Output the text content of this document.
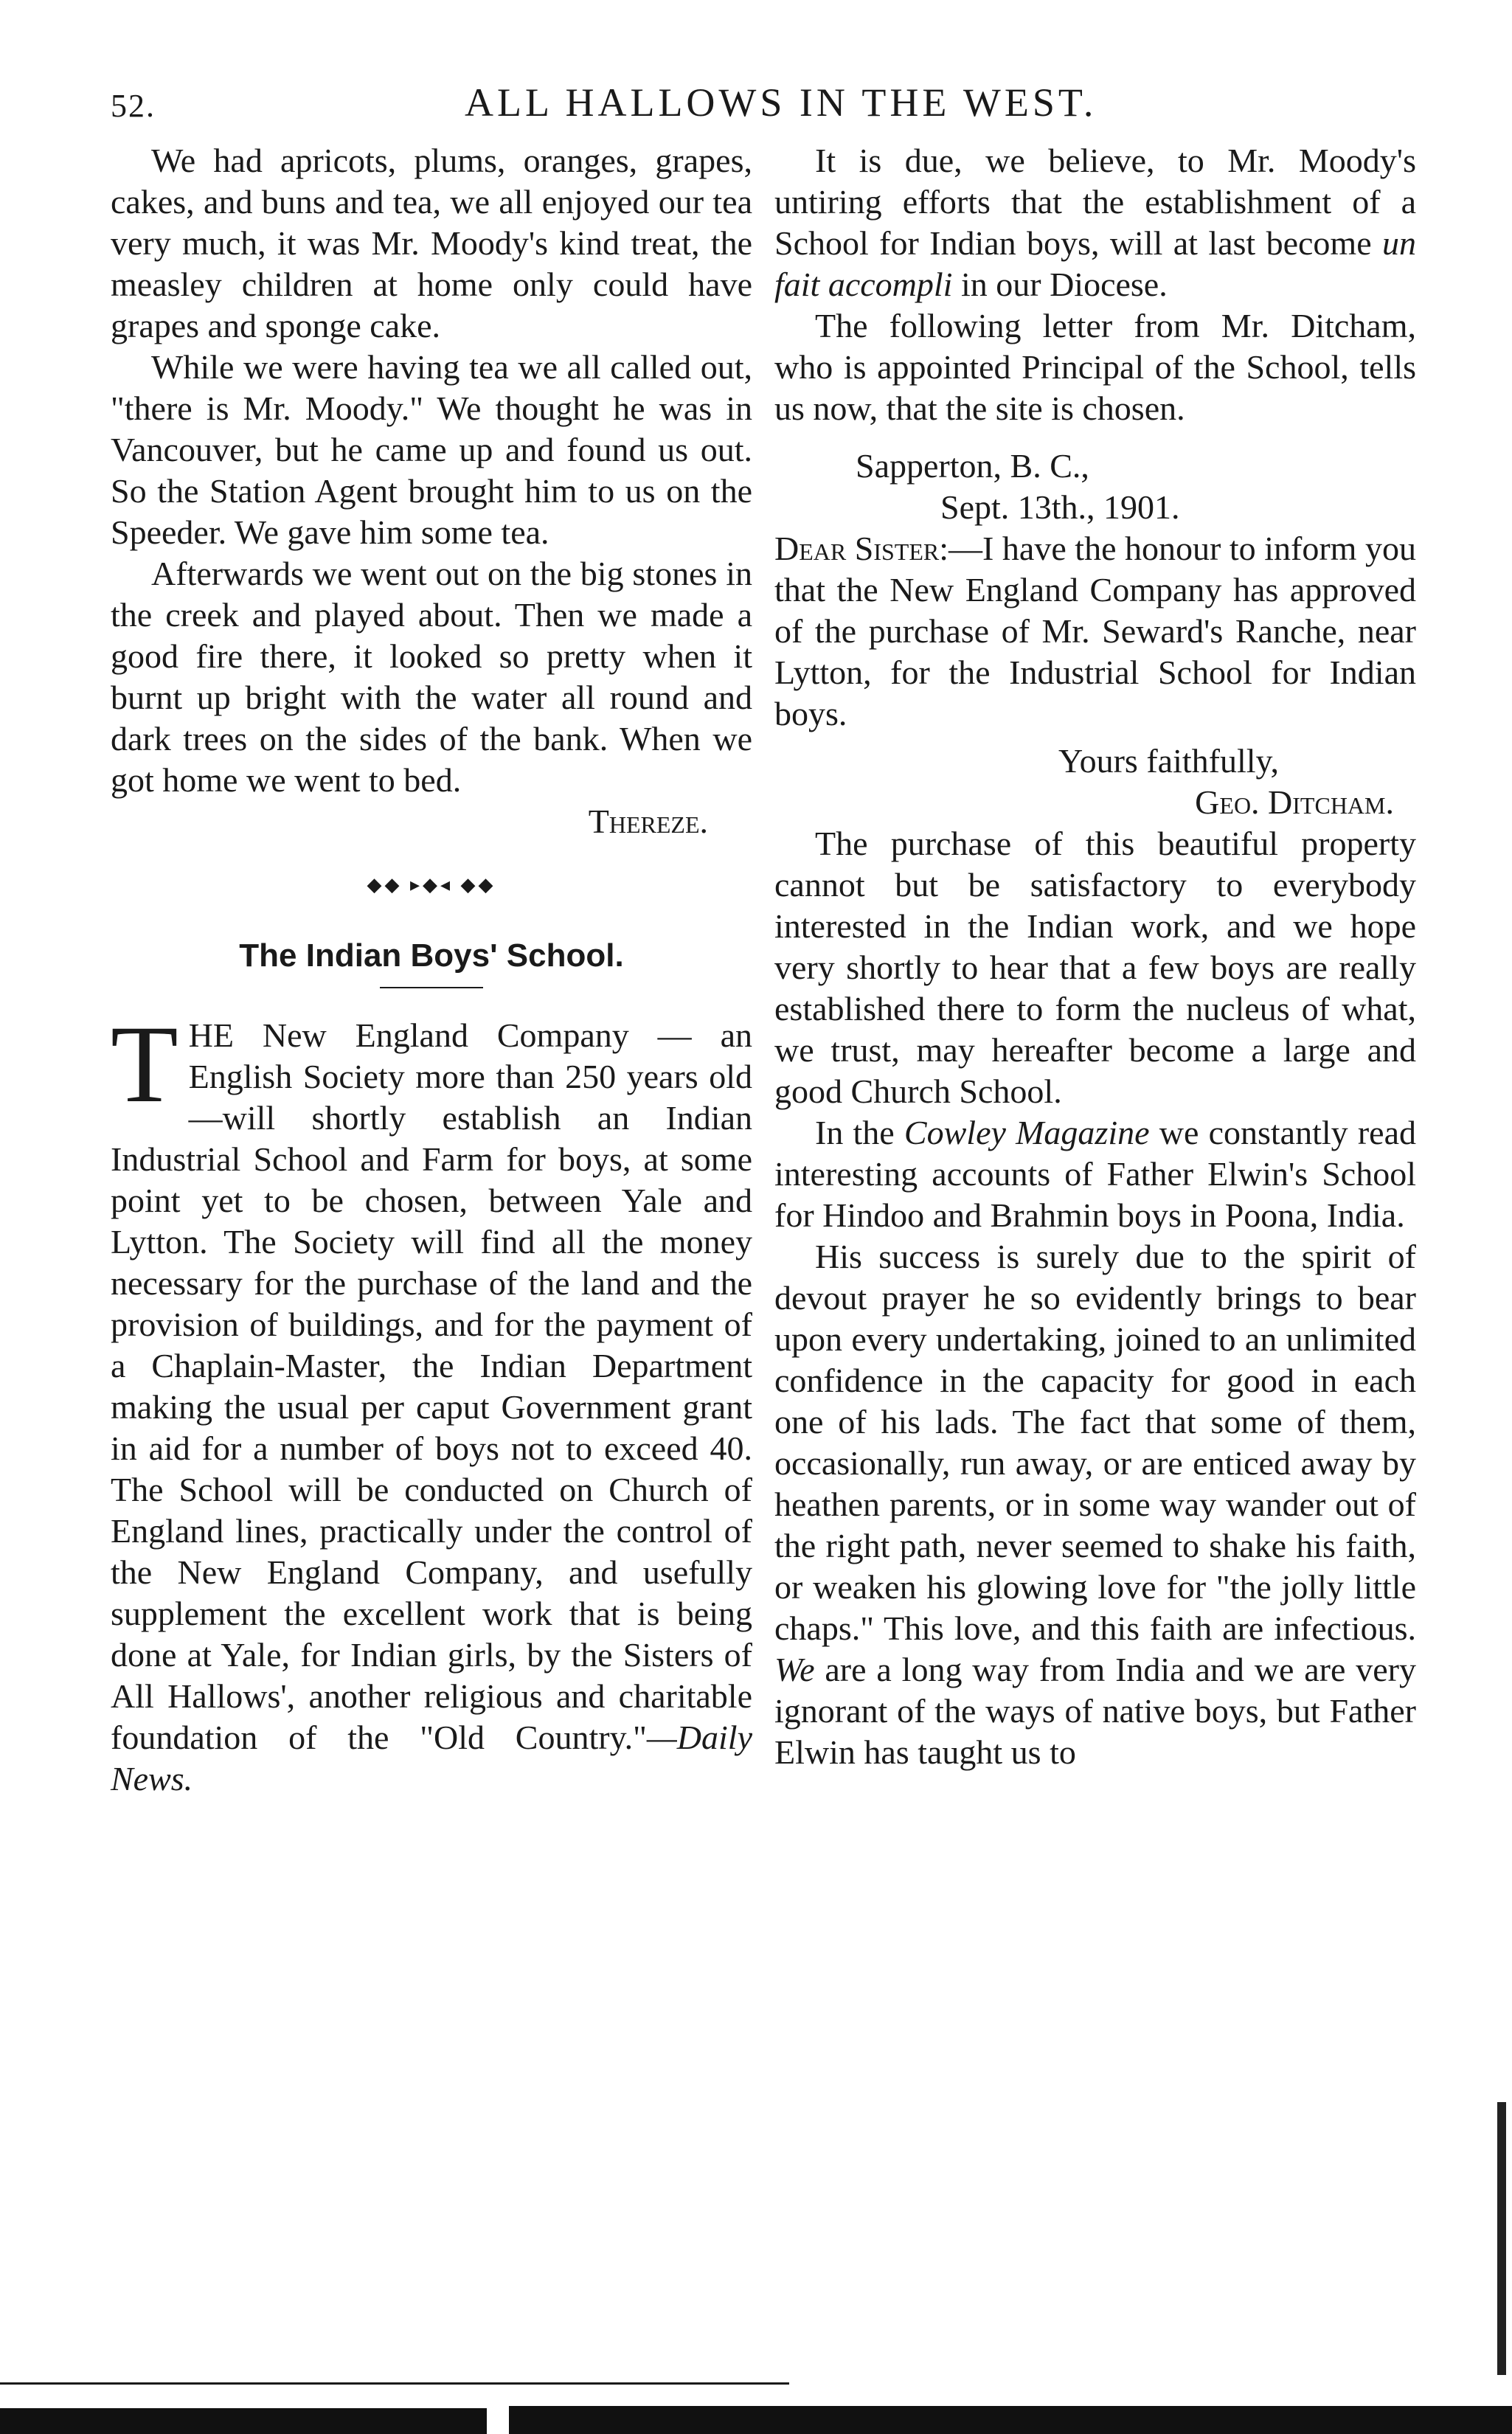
52.	ALL HALLOWS IN THE WEST.

We had apricots, plums, oranges, grapes, cakes, and buns and tea, we all enjoyed our tea very much, it was Mr. Moody's kind treat, the measley children at home only could have grapes and sponge cake.

While we were having tea we all called out, "there is Mr. Moody." We thought he was in Vancouver, but he came up and found us out. So the Station Agent brought him to us on the Speeder. We gave him some tea.

Afterwards we went out on the big stones in the creek and played about. Then we made a good fire there, it looked so pretty when it burnt up bright with the water all round and dark trees on the sides of the bank. When we got home we went to bed.

Thereze.

◆◆ ▸◆◂ ◆◆
The Indian Boys' School.

THE New England Company — an English Society more than 250 years old—will shortly establish an Indian Industrial School and Farm for boys, at some point yet to be chosen, between Yale and Lytton. The Society will find all the money necessary for the purchase of the land and the provision of buildings, and for the payment of a Chaplain-Master, the Indian Department making the usual per caput Government grant in aid for a number of boys not to exceed 40. The School will be conducted on Church of England lines, practically under the control of the New England Company, and usefully supplement the excellent work that is being done at Yale, for Indian girls, by the Sisters of All Hallows', another religious and charitable foundation of the "Old Country."—Daily News.

It is due, we believe, to Mr. Moody's untiring efforts that the establishment of a School for Indian boys, will at last become un fait accompli in our Diocese.

The following letter from Mr. Ditcham, who is appointed Principal of the School, tells us now, that the site is chosen.

Sapperton, B. C.,

Sept. 13th., 1901.

Dear Sister:—I have the honour to inform you that the New England Company has approved of the purchase of Mr. Seward's Ranche, near Lytton, for the Industrial School for Indian boys.

Yours faithfully,

Geo. Ditcham.

The purchase of this beautiful property cannot but be satisfactory to everybody interested in the Indian work, and we hope very shortly to hear that a few boys are really established there to form the nucleus of what, we trust, may hereafter become a large and good Church School.

In the Cowley Magazine we constantly read interesting accounts of Father Elwin's School for Hindoo and Brahmin boys in Poona, India.

His success is surely due to the spirit of devout prayer he so evidently brings to bear upon every undertaking, joined to an unlimited confidence in the capacity for good in each one of his lads. The fact that some of them, occasionally, run away, or are enticed away by heathen parents, or in some way wander out of the right path, never seemed to shake his faith, or weaken his glowing love for "the jolly little chaps." This love, and this faith are infectious. We are a long way from India and we are very ignorant of the ways of native boys, but Father Elwin has taught us to
